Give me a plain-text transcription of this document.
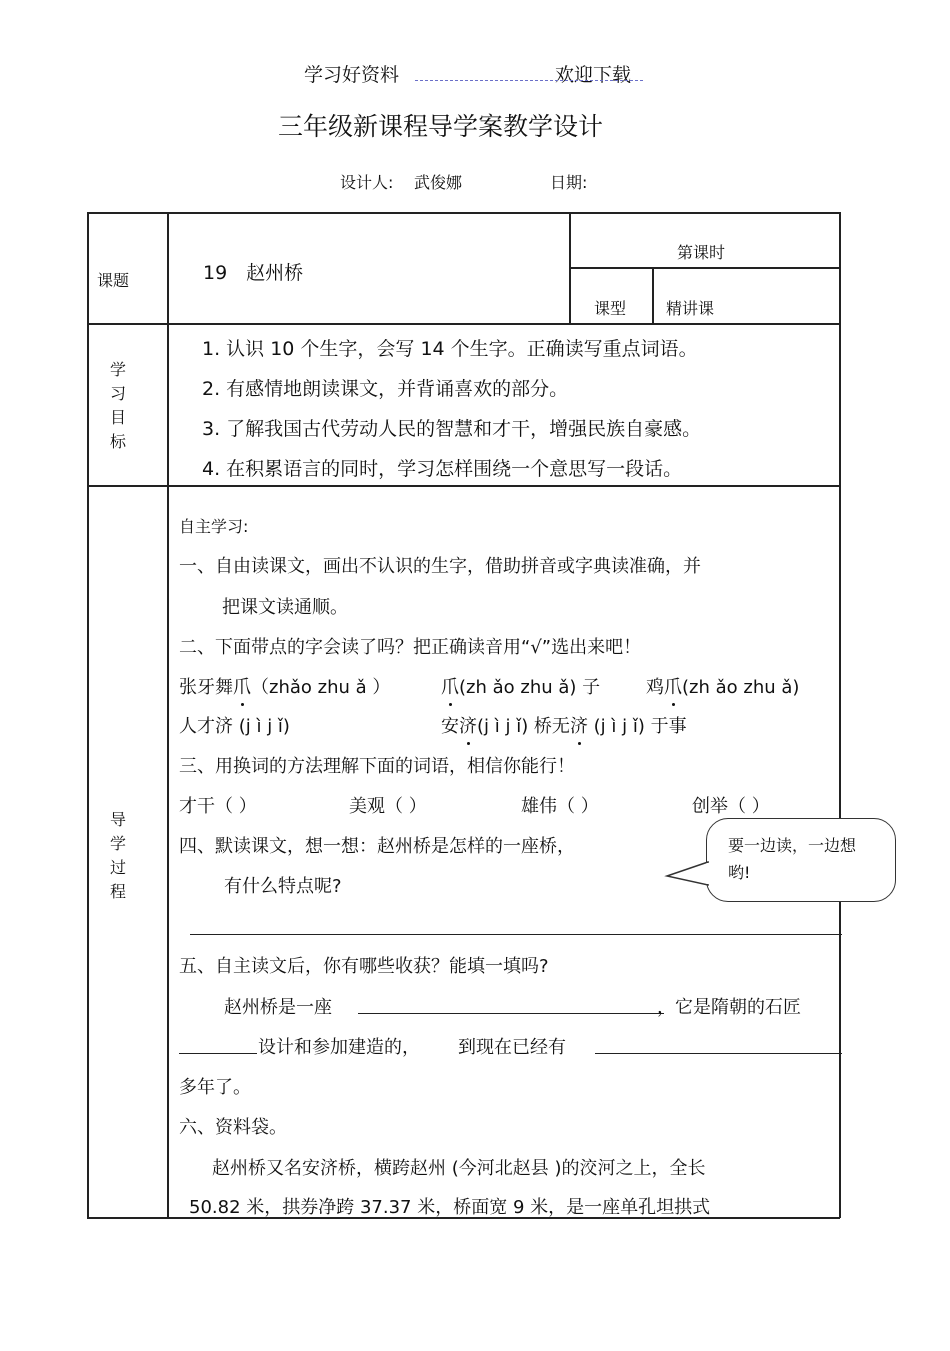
学习好资料	欢迎下载
三年级新课程导学案教学设计
设计人: 武俊娜	日期:
课题	19　赵州桥
第课时
课型 精讲课
学
习
目
标
1. 认识 10 个生字，会写 14 个生字。正确读写重点词语。
2. 有感情地朗读课文，并背诵喜欢的部分。
3. 了解我国古代劳动人民的智慧和才干，增强民族自豪感。
4. 在积累语言的同时，学习怎样围绕一个意思写一段话。
导
学
过
程
自主学习:
一、自由读课文，画出不认识的生字，借助拼音或字典读准确，并
把课文读通顺。
二、下面带点的字会读了吗？把正确读音用“√”选出来吧！
张牙舞爪（zhǎo zhu ǎ ）	爪(zh ǎo zhu ǎ) 子	鸡爪(zh ǎo zhu ǎ)
人才济 (j ì j ǐ)	安济(j ì j ǐ) 桥无济 (j ì j ǐ) 于事
三、用换词的方法理解下面的词语，相信你能行！
才干（ ）	美观（ ）	雄伟（ ）	创举（ ）
四、默读课文，想一想：赵州桥是怎样的一座桥，
有什么特点呢?
要一边读，一边想哟!
五、自主读文后，你有哪些收获？能填一填吗?
赵州桥是一座	，它是隋朝的石匠
设计和参加建造的， 到现在已经有
多年了。
六、资料袋。
赵州桥又名安济桥，横跨赵州 (今河北赵县 )的洨河之上，全长
50.82 米，拱券净跨 37.37 米，桥面宽 9 米，是一座单孔坦拱式
